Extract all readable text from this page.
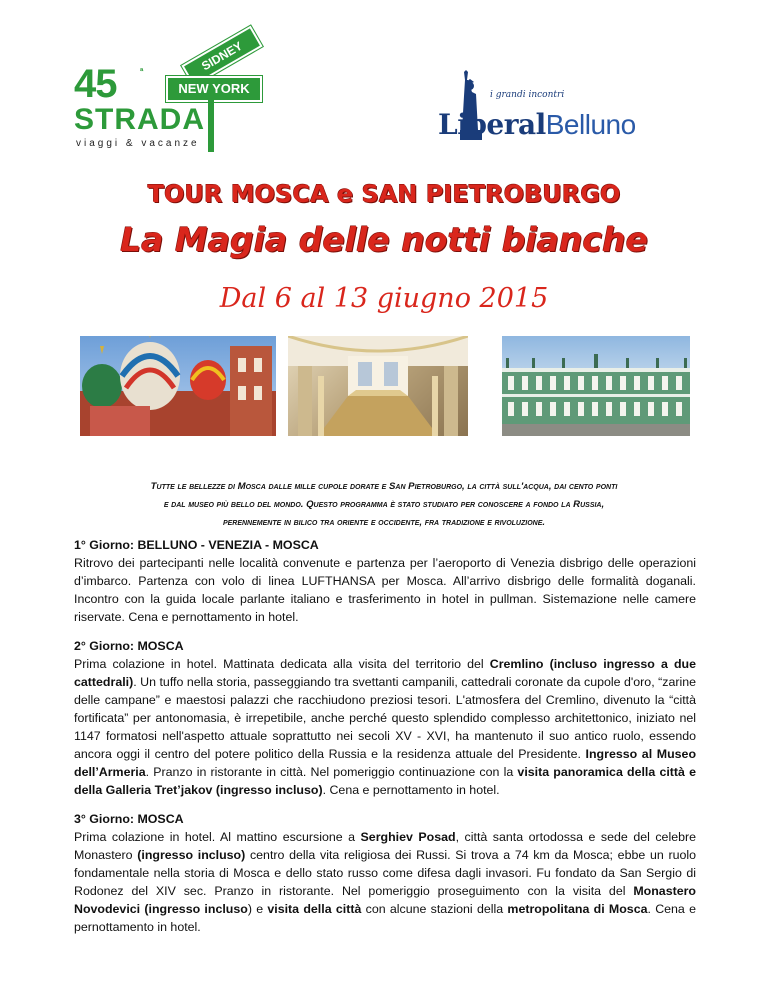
SIDNEY
NEW YORK
45	ª
STRADA
viaggi & vacanze
i grandi incontri
LiberalBelluno
TOUR MOSCA e SAN PIETROBURGO
La Magia delle notti bianche
Dal 6 al 13 giugno 2015
Tutte le bellezze di Mosca dalle mille cupole dorate e San Pietroburgo, la città sull'acqua, dai cento ponti
e dal museo più bello del mondo. Questo programma è stato studiato per conoscere a fondo la Russia,
perennemente in bilico tra oriente e occidente, fra tradizione e rivoluzione.
1° Giorno: BELLUNO - VENEZIA - MOSCA

Ritrovo dei partecipanti nelle località convenute e partenza per l’aeroporto di Venezia disbrigo delle operazioni d’imbarco. Partenza con volo di linea LUFTHANSA per Mosca. All’arrivo disbrigo delle formalità doganali. Incontro con la guida locale parlante italiano e trasferimento in hotel in pullman. Sistemazione nelle camere riservate. Cena e pernottamento in hotel.

2° Giorno: MOSCA

Prima colazione in hotel. Mattinata dedicata alla visita del territorio del Cremlino (incluso ingresso a due cattedrali). Un tuffo nella storia, passeggiando tra svettanti campanili, cattedrali coronate da cupole d'oro, “zarine delle campane” e maestosi palazzi che racchiudono preziosi tesori. L'atmosfera del Cremlino, divenuto la “città fortificata” per antonomasia, è irrepetibile, anche perché questo splendido complesso architettonico, iniziato nel 1147 formatosi nell'aspetto attuale soprattutto nei secoli XV - XVI, ha mantenuto il suo antico ruolo, essendo ancora oggi il centro del potere politico della Russia e la residenza attuale del Presidente. Ingresso al Museo dell’Armeria. Pranzo in ristorante in città. Nel pomeriggio continuazione con la visita panoramica della città e della Galleria Tret’jakov (ingresso incluso). Cena e pernottamento in hotel.

3° Giorno: MOSCA

Prima colazione in hotel. Al mattino escursione a Serghiev Posad, città santa ortodossa e sede del celebre Monastero (ingresso incluso) centro della vita religiosa dei Russi. Si trova a 74 km da Mosca; ebbe un ruolo fondamentale nella storia di Mosca e dello stato russo come difesa dagli invasori. Fu fondato da San Sergio di Rodonez del XIV sec. Pranzo in ristorante. Nel pomeriggio proseguimento con la visita del Monastero Novodevici (ingresso incluso) e visita della città con alcune stazioni della metropolitana di Mosca. Cena e pernottamento in hotel.
